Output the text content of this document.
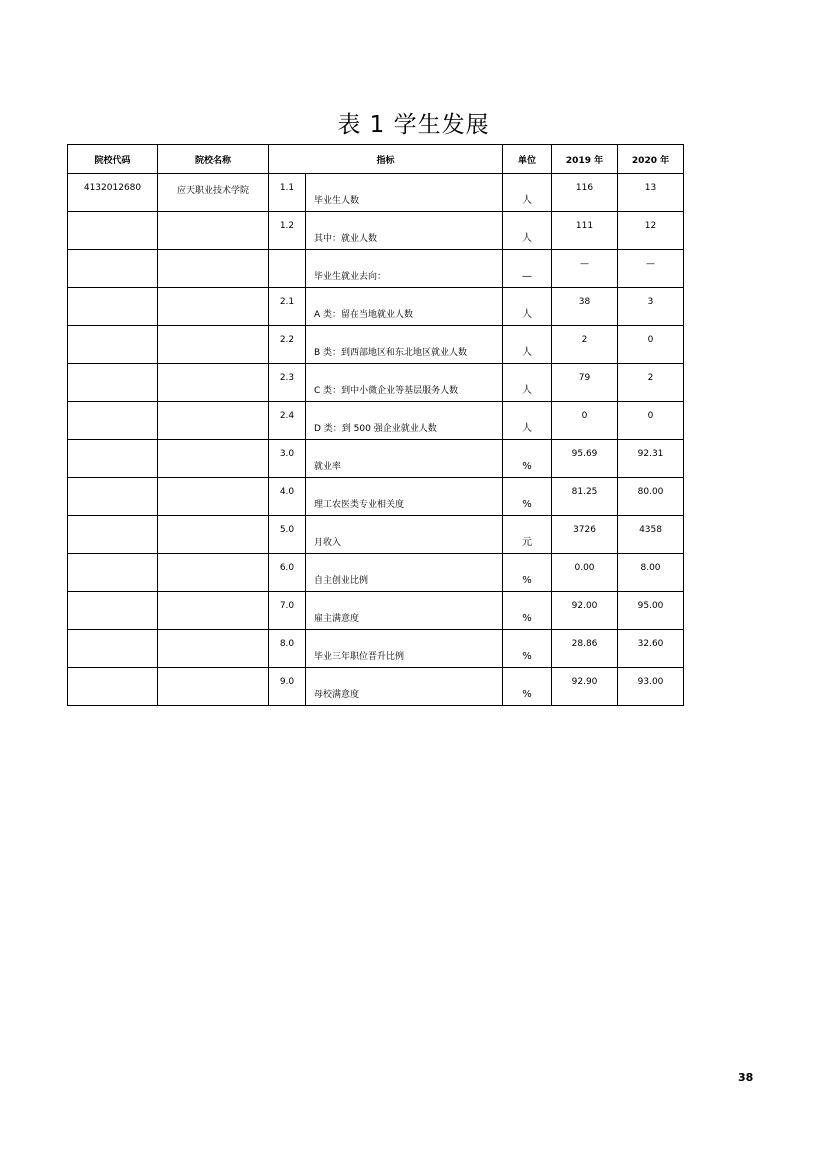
表 1 学生发展
院校代码	院校名称	指标		单位	2019 年	2020 年
4132012680	应天职业技术学院	1.1	毕业生人数	人	116	13
		1.2	其中：就业人数	人	111	12
			毕业生就业去向：	—	—	—
		2.1	A 类：留在当地就业人数	人	38	3
		2.2	B 类：到西部地区和东北地区就业人数	人	2	0
		2.3	C 类：到中小微企业等基层服务人数	人	79	2
		2.4	D 类：到 500 强企业就业人数	人	0	0
		3.0	就业率	%	95.69	92.31
		4.0	理工农医类专业相关度	%	81.25	80.00
		5.0	月收入	元	3726	4358
		6.0	自主创业比例	%	0.00	8.00
		7.0	雇主满意度	%	92.00	95.00
		8.0	毕业三年职位晋升比例	%	28.86	32.60
		9.0	母校满意度	%	92.90	93.00
38
